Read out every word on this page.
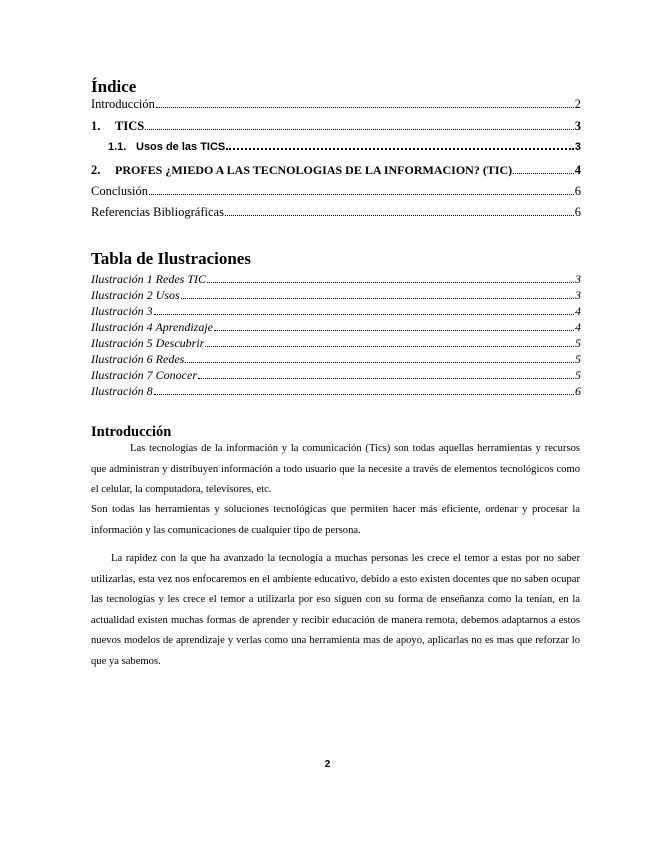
Índice
Introducción	2
1.	TICS	3
1.1. Usos de las TICS	3
2.	PROFES ¿MIEDO A LAS TECNOLOGIAS DE LA INFORMACION? (TIC)	4
Conclusión	6
Referencias Bibliográficas	6
Tabla de Ilustraciones
Ilustración 1 Redes TIC	3
Ilustración 2 Usos	3
Ilustración 3	4
Ilustración 4 Aprendizaje	4
Ilustración 5 Descubrir	5
Ilustración 6 Redes	5
Ilustración 7 Conocer	5
Ilustración 8	6
Introducción
Las tecnologías de la información y la comunicación (Tics) son todas aquellas herramientas y recursos que administran y distribuyen información a todo usuario que la necesite a través de elementos tecnológicos como el celular, la computadora, televisores, etc.
Son todas las herramientas y soluciones tecnológicas que permiten hacer más eficiente, ordenar y procesar la información y las comunicaciones de cualquier tipo de persona.
La rapidez con la que ha avanzado la tecnología a muchas personas les crece el temor a estas por no saber utilizarlas, esta vez nos enfocaremos en el ambiente educativo, debido a esto existen docentes que no saben ocupar las tecnologías y les crece el temor a utilizarla por eso siguen con su forma de enseñanza como la tenían, en la actualidad existen muchas formas de aprender y recibir educación de manera remota, debemos adaptarnos a estos nuevos modelos de aprendizaje y verlas como una herramienta mas de apoyo, aplicarlas no es mas que reforzar lo que ya sabemos.
2
